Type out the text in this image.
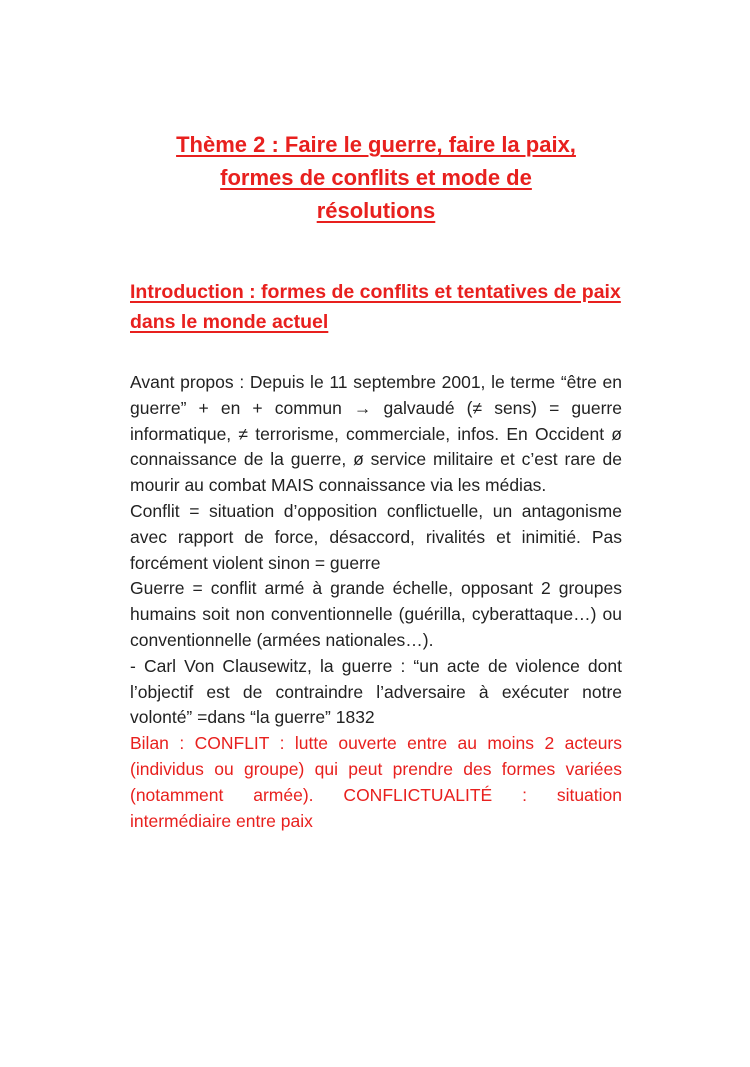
Thème 2 : Faire le guerre, faire la paix,
formes de conflits et mode de
résolutions
Introduction : formes de conflits et tentatives de paix dans le monde actuel

Avant propos : Depuis le 11 septembre 2001, le terme “être en guerre” + en + commun → galvaudé (≠ sens) = guerre informatique, ≠ terrorisme, commerciale, infos. En Occident ø connaissance de la guerre, ø service militaire et c’est rare de mourir au combat MAIS connaissance via les médias.

Conflit = situation d’opposition conflictuelle, un antagonisme avec rapport de force, désaccord, rivalités et inimitié. Pas forcément violent sinon = guerre

Guerre = conflit armé à grande échelle, opposant 2 groupes humains soit non conventionnelle (guérilla, cyberattaque…) ou conventionnelle (armées nationales…).

- Carl Von Clausewitz, la guerre : “un acte de violence dont l’objectif est de contraindre l’adversaire à exécuter notre volonté” =dans “la guerre” 1832

Bilan : CONFLIT : lutte ouverte entre au moins 2 acteurs (individus ou groupe) qui peut prendre des formes variées (notamment armée). CONFLICTUALITÉ : situation intermédiaire entre paix
